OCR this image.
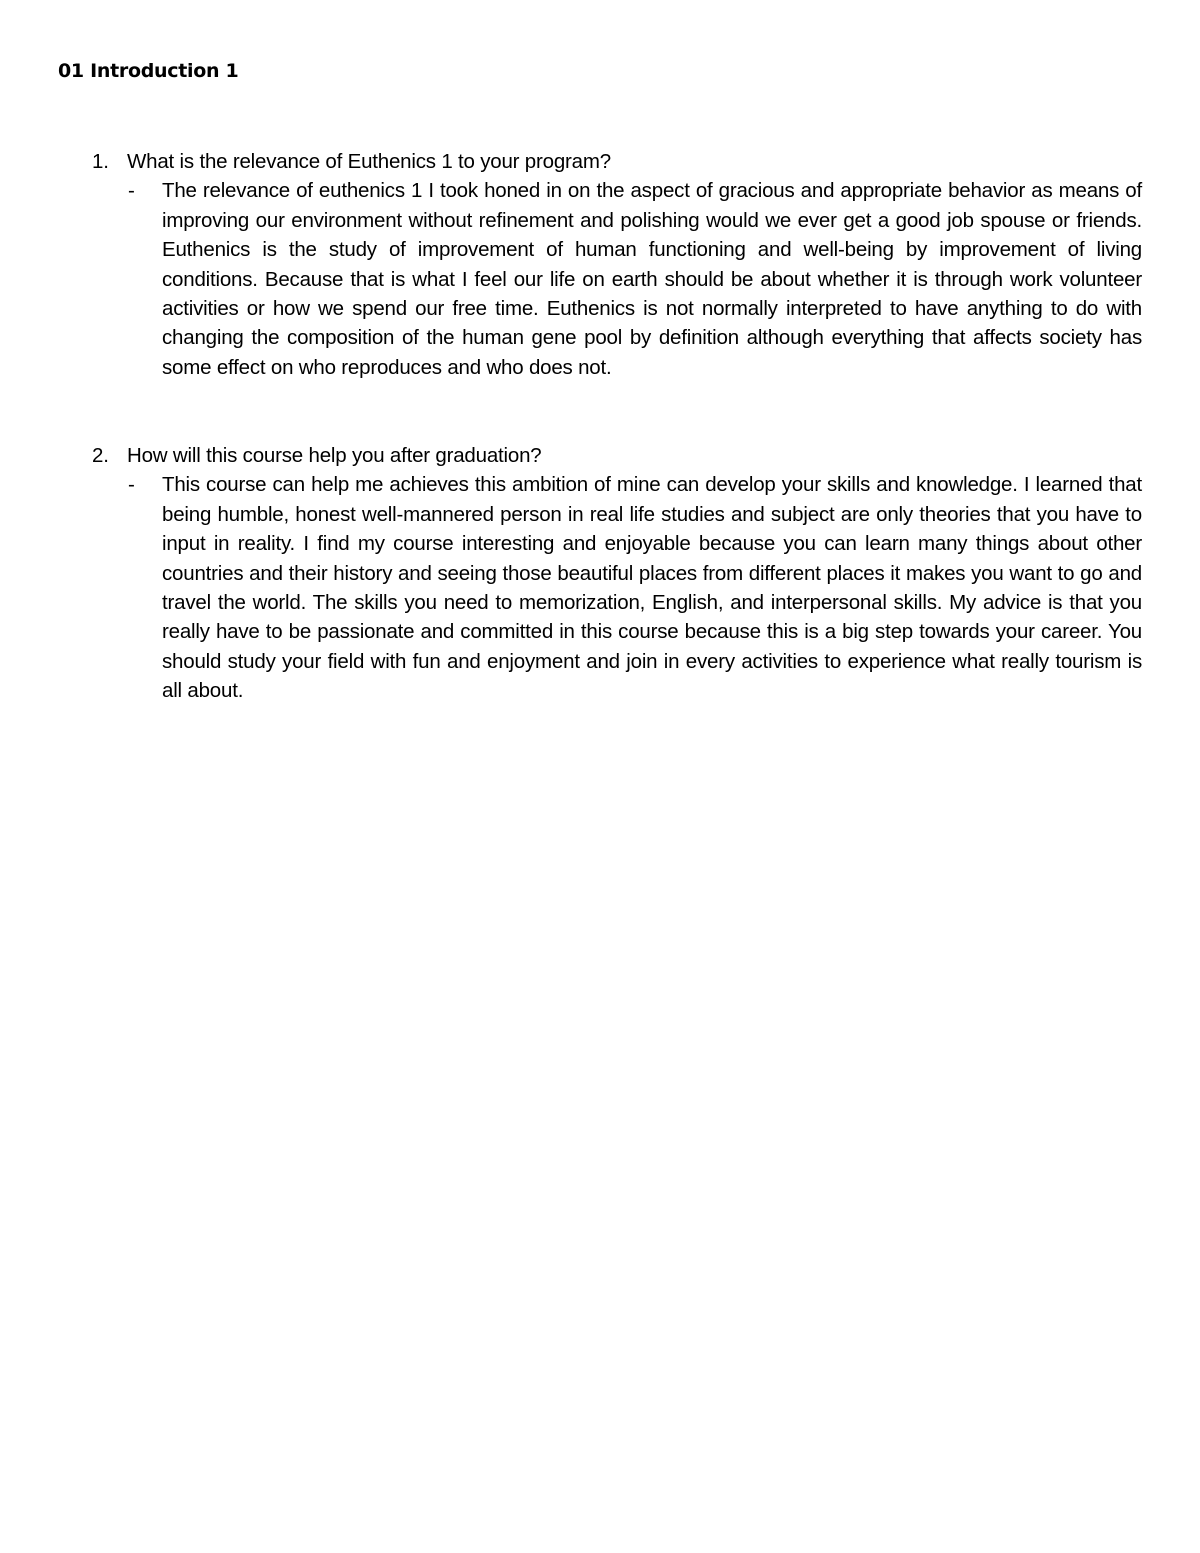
01 Introduction 1
1. What is the relevance of Euthenics 1 to your program?
- The relevance of euthenics 1 I took honed in on the aspect of gracious and appropriate behavior as means of improving our environment without refinement and polishing would we ever get a good job spouse or friends. Euthenics is the study of improvement of human functioning and well-being by improvement of living conditions. Because that is what I feel our life on earth should be about whether it is through work volunteer activities or how we spend our free time. Euthenics is not normally interpreted to have anything to do with changing the composition of the human gene pool by definition although everything that affects society has some effect on who reproduces and who does not.
2. How will this course help you after graduation?
- This course can help me achieves this ambition of mine can develop your skills and knowledge. I learned that being humble, honest well-mannered person in real life studies and subject are only theories that you have to input in reality. I find my course interesting and enjoyable because you can learn many things about other countries and their history and seeing those beautiful places from different places it makes you want to go and travel the world. The skills you need to memorization, English, and interpersonal skills. My advice is that you really have to be passionate and committed in this course because this is a big step towards your career. You should study your field with fun and enjoyment and join in every activities to experience what really tourism is all about.
